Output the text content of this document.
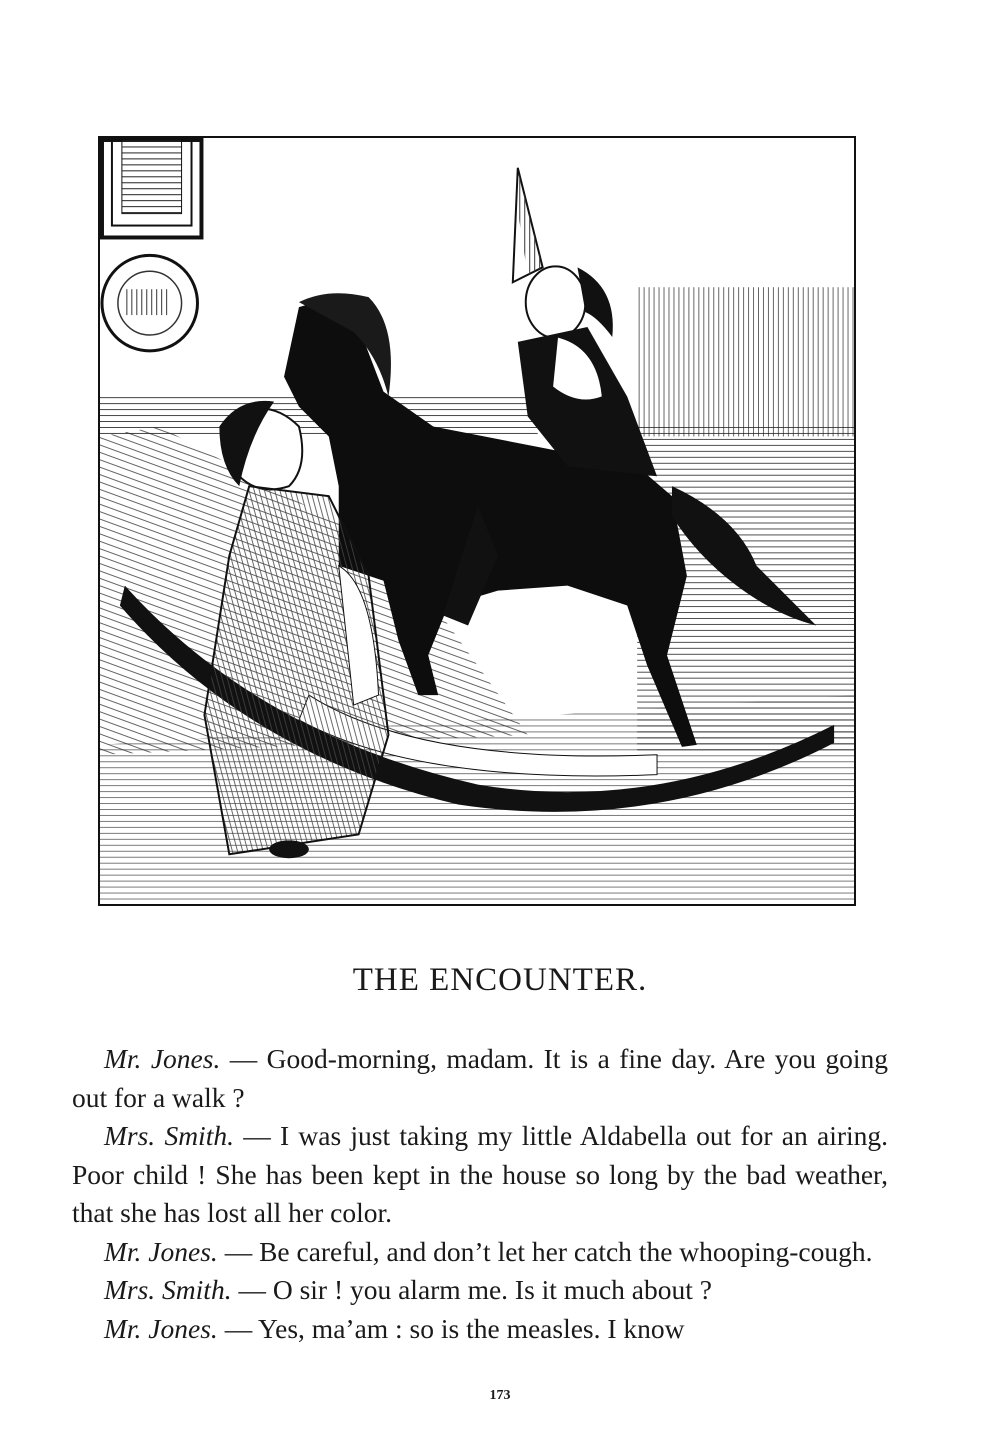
THE ENCOUNTER.

Mr. Jones. — Good-morning, madam. It is a fine day. Are you going out for a walk ?

Mrs. Smith. — I was just taking my little Aldabella out for an airing. Poor child ! She has been kept in the house so long by the bad weather, that she has lost all her color.

Mr. Jones. — Be careful, and don’t let her catch the whooping-cough.

Mrs. Smith. — O sir ! you alarm me. Is it much about ?

Mr. Jones. — Yes, ma’am : so is the measles. I know

173
